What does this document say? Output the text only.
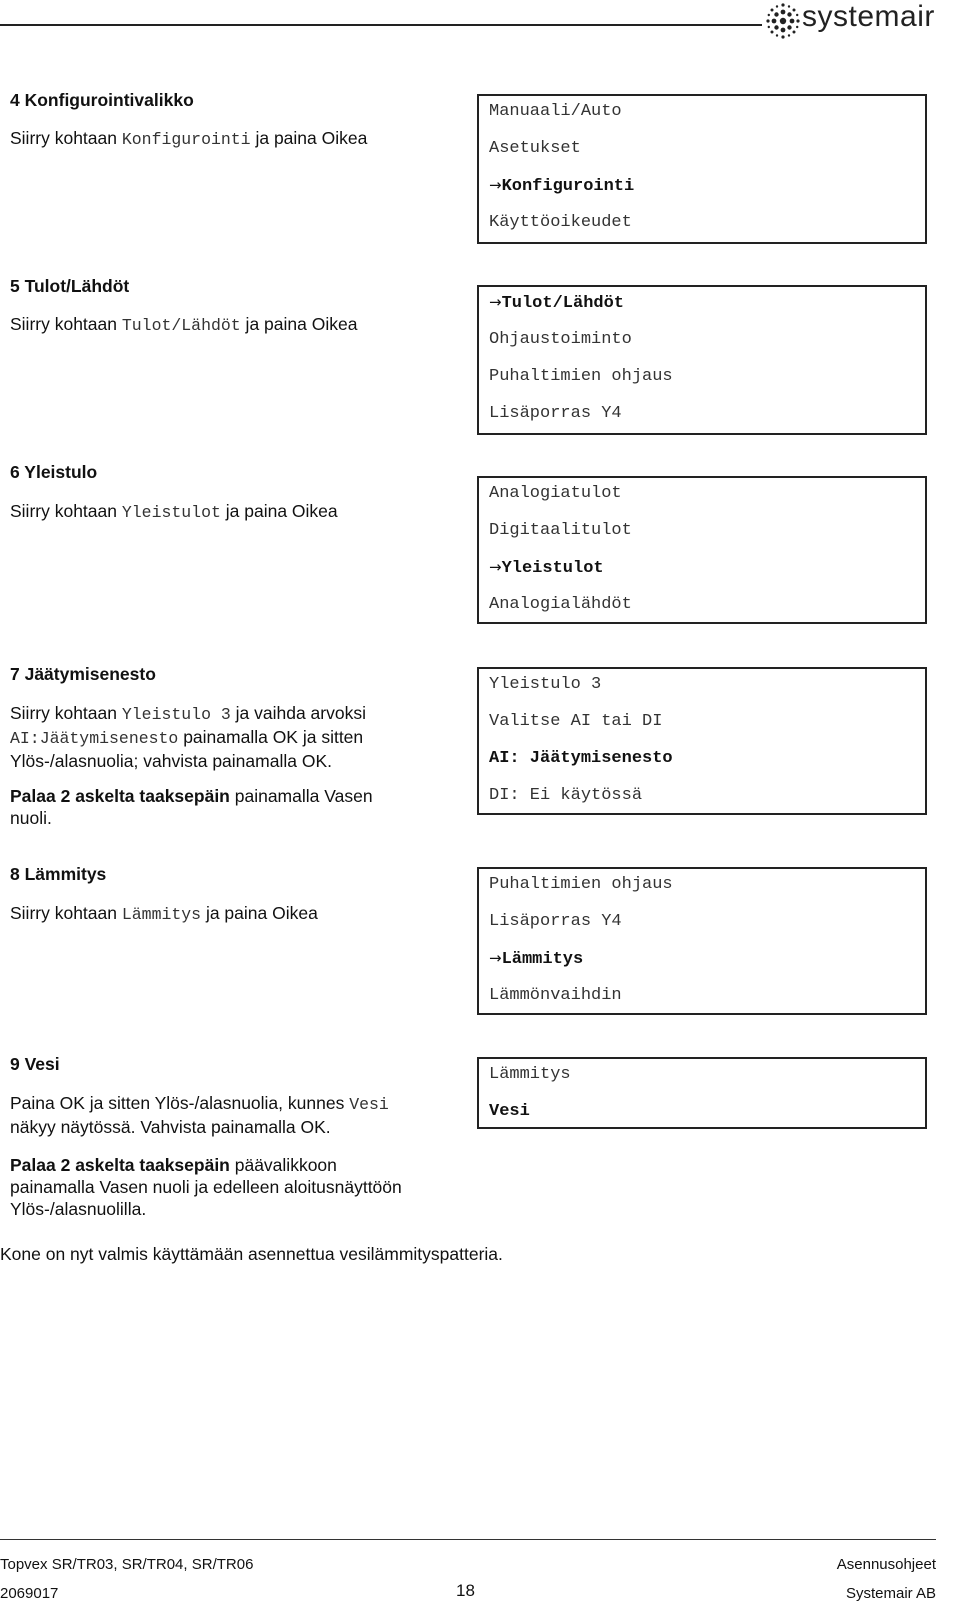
systemair
4 Konfigurointivalikko
Siirry kohtaan Konfigurointi ja paina Oikea
Manuaali/Auto
Asetukset
→Konfigurointi
Käyttöoikeudet
5 Tulot/Lähdöt
Siirry kohtaan Tulot/Lähdöt ja paina Oikea
→Tulot/Lähdöt
Ohjaustoiminto
Puhaltimien ohjaus
Lisäporras Y4
6 Yleistulo
Siirry kohtaan Yleistulot ja paina Oikea
Analogiatulot
Digitaalitulot
→Yleistulot
Analogialähdöt
7 Jäätymisenesto
Siirry kohtaan Yleistulo 3 ja vaihda arvoksi
AI:Jäätymisenesto painamalla OK ja sitten
Ylös-/alasnuolia; vahvista painamalla OK.
Palaa 2 askelta taaksepäin painamalla Vasen
nuoli.
Yleistulo 3
Valitse AI tai DI
AI: Jäätymisenesto
DI: Ei käytössä
8 Lämmitys
Siirry kohtaan Lämmitys ja paina Oikea
Puhaltimien ohjaus
Lisäporras Y4
→Lämmitys
Lämmönvaihdin
9 Vesi
Paina OK ja sitten Ylös-/alasnuolia, kunnes Vesi
näkyy näytössä. Vahvista painamalla OK.
Palaa 2 askelta taaksepäin päävalikkoon
painamalla Vasen nuoli ja edelleen aloitusnäyttöön
Ylös-/alasnuolilla.
Lämmitys
Vesi
Kone on nyt valmis käyttämään asennettua vesilämmityspatteria.
Topvex SR/TR03, SR/TR04, SR/TR06	Asennusohjeet
2069017	18	Systemair AB
